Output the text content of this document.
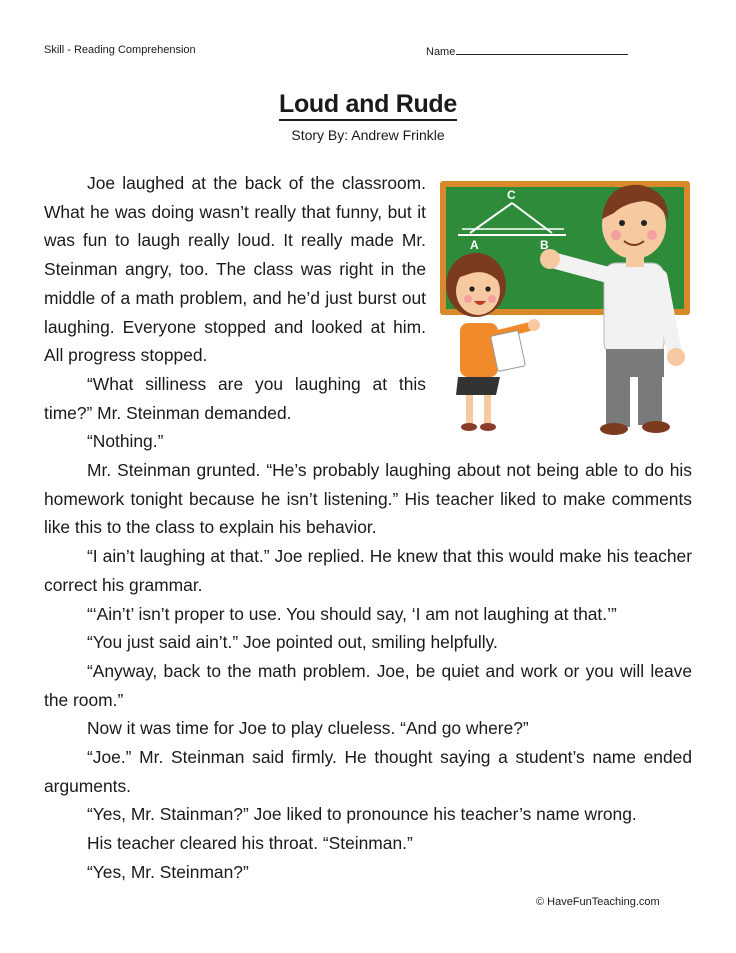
Skill - Reading Comprehension	Name
Loud and Rude
Story By: Andrew Frinkle
C
A	B

Joe laughed at the back of the classroom. What he was doing wasn’t really that funny, but it was fun to laugh really loud. It really made Mr. Steinman angry, too. The class was right in the middle of a math problem, and he’d just burst out laughing. Everyone stopped and looked at him. All progress stopped.

“What silliness are you laughing at this time?” Mr. Steinman demanded.

“Nothing.”

Mr. Steinman grunted. “He’s probably laughing about not being able to do his homework tonight because he isn’t listening.” His teacher liked to make comments like this to the class to explain his behavior.

“I ain’t laughing at that.” Joe replied. He knew that this would make his teacher correct his grammar.

“‘Ain’t’ isn’t proper to use. You should say, ‘I am not laughing at that.’”

“You just said ain’t.” Joe pointed out, smiling helpfully.

“Anyway, back to the math problem. Joe, be quiet and work or you will leave the room.”

Now it was time for Joe to play clueless. “And go where?”

“Joe.” Mr. Steinman said firmly. He thought saying a student’s name ended arguments.

“Yes, Mr. Stainman?” Joe liked to pronounce his teacher’s name wrong.

His teacher cleared his throat. “Steinman.”

“Yes, Mr. Steinman?”

© HaveFunTeaching.com
